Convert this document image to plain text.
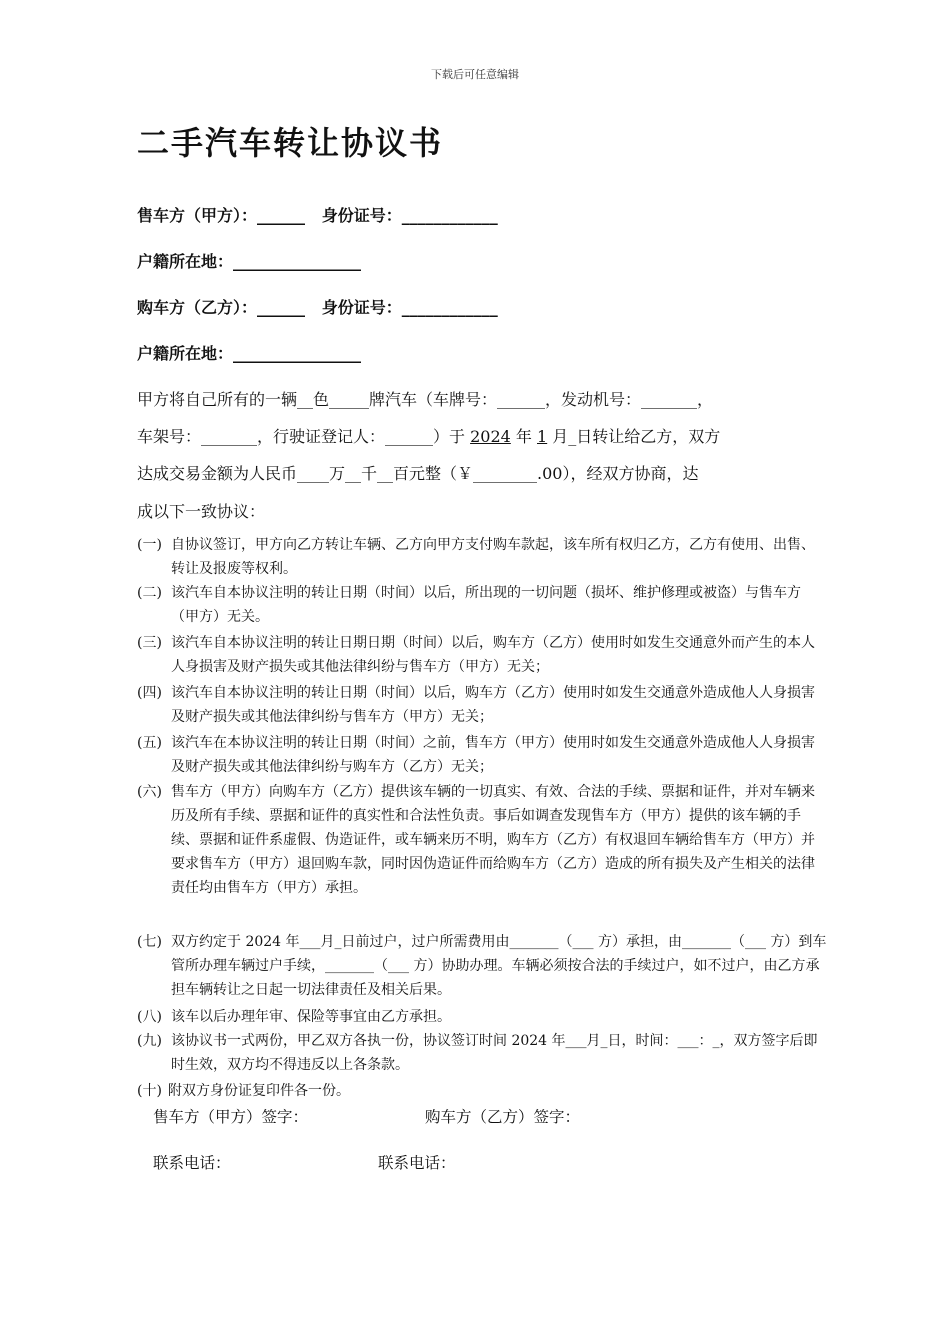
下载后可任意编辑
二手汽车转让协议书
售车方（甲方）：______   身份证号：____________
户籍所在地：________________
购车方（乙方）：______   身份证号：____________
户籍所在地：________________
甲方将自己所有的一辆__色_____牌汽车（车牌号：______，发动机号：_______，
车架号：_______，行驶证登记人：______）于 2024 年 1 月_日转让给乙方，双方
达成交易金额为人民币____万__千__百元整（￥________.00），经双方协商，达
成以下一致协议：
(一) 自协议签订，甲方向乙方转让车辆、乙方向甲方支付购车款起，该车所有权归乙方，乙方有使用、出售、转让及报废等权利。
(二) 该汽车自本协议注明的转让日期（时间）以后，所出现的一切问题（损坏、维护修理或被盗）与售车方（甲方）无关。
(三) 该汽车自本协议注明的转让日期日期（时间）以后，购车方（乙方）使用时如发生交通意外而产生的本人人身损害及财产损失或其他法律纠纷与售车方（甲方）无关；
(四) 该汽车自本协议注明的转让日期（时间）以后，购车方（乙方）使用时如发生交通意外造成他人人身损害及财产损失或其他法律纠纷与售车方（甲方）无关；
(五) 该汽车在本协议注明的转让日期（时间）之前，售车方（甲方）使用时如发生交通意外造成他人人身损害及财产损失或其他法律纠纷与购车方（乙方）无关；
(六) 售车方（甲方）向购车方（乙方）提供该车辆的一切真实、有效、合法的手续、票据和证件，并对车辆来历及所有手续、票据和证件的真实性和合法性负责。事后如调查发现售车方（甲方）提供的该车辆的手续、票据和证件系虚假、伪造证件，或车辆来历不明，购车方（乙方）有权退回车辆给售车方（甲方）并要求售车方（甲方）退回购车款，同时因伪造证件而给购车方（乙方）造成的所有损失及产生相关的法律责任均由售车方（甲方）承担。
(七) 双方约定于 2024 年___月_日前过户，过户所需费用由_______（___ 方）承担，由_______（___ 方）到车管所办理车辆过户手续，_______（___ 方）协助办理。车辆必须按合法的手续过户，如不过户，由乙方承担车辆转让之日起一切法律责任及相关后果。
(八) 该车以后办理年审、保险等事宜由乙方承担。
(九) 该协议书一式两份，甲乙双方各执一份，协议签订时间 2024 年___月_日，时间：___：_，双方签字后即时生效，双方均不得违反以上各条款。
(十) 附双方身份证复印件各一份。
售车方（甲方）签字：	购车方（乙方）签字：
联系电话：	联系电话：
